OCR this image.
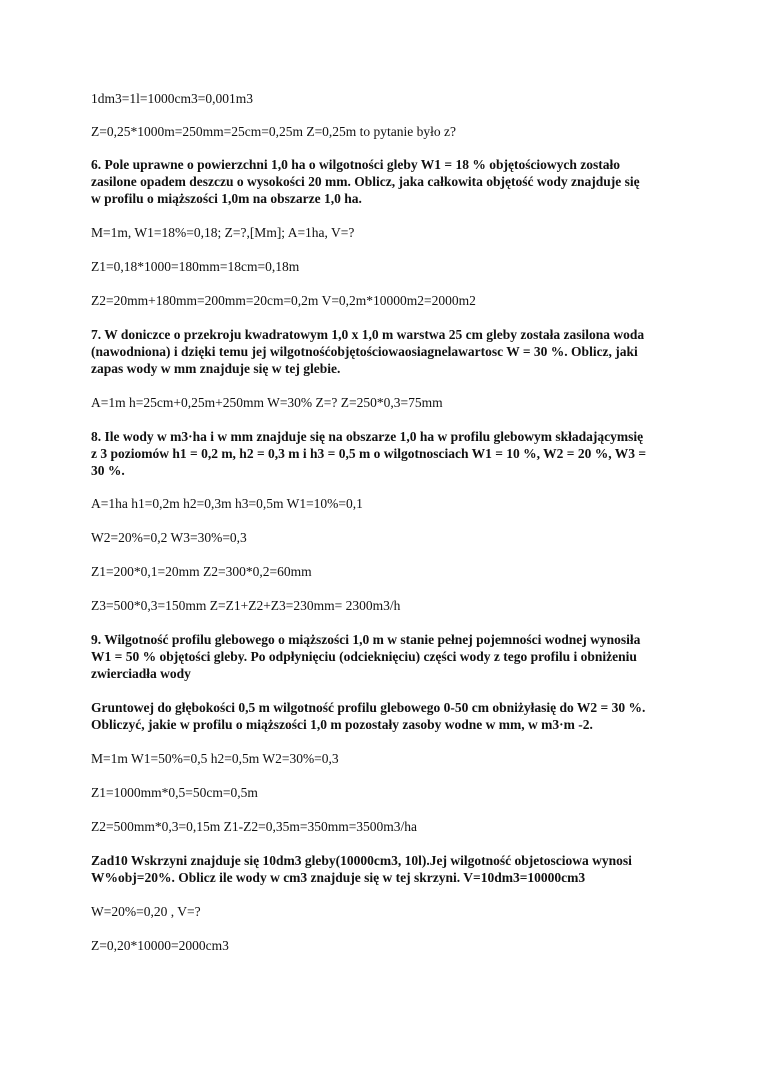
1dm3=1l=1000cm3=0,001m3
Z=0,25*1000m=250mm=25cm=0,25m Z=0,25m to pytanie było z?
6. Pole uprawne o powierzchni 1,0 ha o wilgotności gleby W1 = 18 % objętościowych zostało
zasilone opadem deszczu o wysokości 20 mm. Oblicz, jaka całkowita objętość wody znajduje się
w profilu o miąższości 1,0m na obszarze 1,0 ha.
M=1m, W1=18%=0,18; Z=?,[Mm]; A=1ha, V=?
Z1=0,18*1000=180mm=18cm=0,18m
Z2=20mm+180mm=200mm=20cm=0,2m V=0,2m*10000m2=2000m2
7. W doniczce o przekroju kwadratowym 1,0 x 1,0 m warstwa 25 cm gleby została zasilona woda
(nawodniona) i dzięki temu jej wilgotnośćobjętościowaosiagnelawartosc W = 30 %. Oblicz, jaki
zapas wody w mm znajduje się w tej glebie.
A=1m h=25cm+0,25m+250mm W=30% Z=? Z=250*0,3=75mm
8. Ile wody w m3·ha i w mm znajduje się na obszarze 1,0 ha w profilu glebowym składającymsię
z 3 poziomów h1 = 0,2 m, h2 = 0,3 m i h3 = 0,5 m o wilgotnosciach W1 = 10 %, W2 = 20 %, W3 =
30 %.
A=1ha h1=0,2m h2=0,3m h3=0,5m W1=10%=0,1
W2=20%=0,2 W3=30%=0,3
Z1=200*0,1=20mm Z2=300*0,2=60mm
Z3=500*0,3=150mm Z=Z1+Z2+Z3=230mm= 2300m3/h
9. Wilgotność profilu glebowego o miąższości 1,0 m w stanie pełnej pojemności wodnej wynosiła
W1 = 50 % objętości gleby. Po odpłynięciu (odcieknięciu) części wody z tego profilu i obniżeniu
zwierciadła wody
Gruntowej do głębokości 0,5 m wilgotność profilu glebowego 0-50 cm obniżyłasię do W2 = 30 %.
Obliczyć, jakie w profilu o miąższości 1,0 m pozostały zasoby wodne w mm, w m3·m -2.
M=1m W1=50%=0,5 h2=0,5m W2=30%=0,3
Z1=1000mm*0,5=50cm=0,5m
Z2=500mm*0,3=0,15m Z1-Z2=0,35m=350mm=3500m3/ha
Zad10 Wskrzyni znajduje się 10dm3 gleby(10000cm3, 10l).Jej wilgotność objetosciowa wynosi
W%obj=20%. Oblicz ile wody w cm3 znajduje się w tej skrzyni. V=10dm3=10000cm3
W=20%=0,20 , V=?
Z=0,20*10000=2000cm3
